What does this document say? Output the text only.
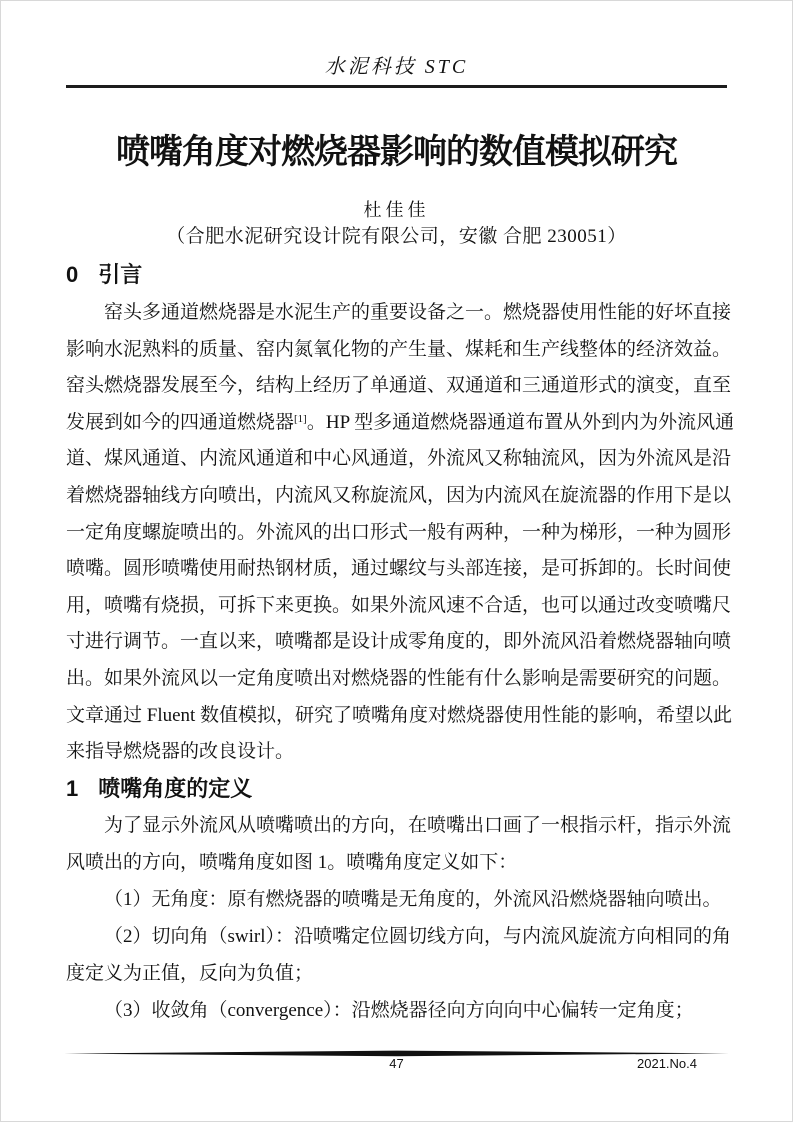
水泥科技 STC
喷嘴角度对燃烧器影响的数值模拟研究
杜佳佳
（合肥水泥研究设计院有限公司，安徽 合肥 230051）
0 引言
窑头多通道燃烧器是水泥生产的重要设备之一。燃烧器使用性能的好坏直接
影响水泥熟料的质量、窑内氮氧化物的产生量、煤耗和生产线整体的经济效益。
窑头燃烧器发展至今，结构上经历了单通道、双通道和三通道形式的演变，直至
发展到如今的四通道燃烧器[1]。HP 型多通道燃烧器通道布置从外到内为外流风通
道、煤风通道、内流风通道和中心风通道，外流风又称轴流风，因为外流风是沿
着燃烧器轴线方向喷出，内流风又称旋流风，因为内流风在旋流器的作用下是以
一定角度螺旋喷出的。外流风的出口形式一般有两种，一种为梯形，一种为圆形
喷嘴。圆形喷嘴使用耐热钢材质，通过螺纹与头部连接，是可拆卸的。长时间使
用，喷嘴有烧损，可拆下来更换。如果外流风速不合适，也可以通过改变喷嘴尺
寸进行调节。一直以来，喷嘴都是设计成零角度的，即外流风沿着燃烧器轴向喷
出。如果外流风以一定角度喷出对燃烧器的性能有什么影响是需要研究的问题。
文章通过 Fluent 数值模拟，研究了喷嘴角度对燃烧器使用性能的影响，希望以此
来指导燃烧器的改良设计。
1 喷嘴角度的定义
为了显示外流风从喷嘴喷出的方向，在喷嘴出口画了一根指示杆，指示外流
风喷出的方向，喷嘴角度如图 1。喷嘴角度定义如下：
（1）无角度：原有燃烧器的喷嘴是无角度的，外流风沿燃烧器轴向喷出。
（2）切向角（swirl）：沿喷嘴定位圆切线方向，与内流风旋流方向相同的角
度定义为正值，反向为负值；
（3）收敛角（convergence）：沿燃烧器径向方向向中心偏转一定角度；
47	2021.No.4
